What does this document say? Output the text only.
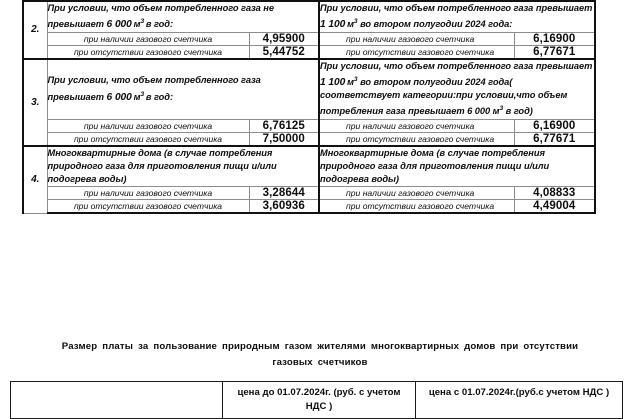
2.	При условии, что объем потребленного газа не превышает 6 000 $м^3$ в год:		При условии, что объем потребленного газа превышает 1 100 $м^3$ во втором полугодии 2024 года:	
	при наличии газового счетчика	4,95900	при наличии газового счетчика	6,16900
	при отсутствии газового счетчика	5,44752	при отсутствии газового счетчика	6,77671
3.	При условии, что объем потребленного газа превышает 6 000 $м^3$ в год:		При условии, что объем потребленного газа превышает 1 100 $м^3$ во втором полугодии 2024 года( соответствует категории:при условии,что объем потребления газа превышает 6 000 $м^3$ в год)	
	при наличии газового счетчика	6,76125	при наличии газового счетчика	6,16900
	при отсутствии газового счетчика	7,50000	при отсутствии газового счетчика	6,77671
4.	Многоквартирные дома (в случае потребления природного газа для приготовления пищи и/или подогрева воды)		Многоквартирные дома (в случае потребления природного газа для приготовления пищи и/или подогрева воды)	
	при наличии газового счетчика	3,28644	при наличии газового счетчика	4,08833
	при отсутствии газового счетчика	3,60936	при отсутствии газового счетчика	4,49004
Размер платы за пользование природным газом жителями многоквартирных домов при отсутствии
газовых счетчиков
	цена до 01.07.2024г. (руб. с учетом НДС )	цена с 01.07.2024г.(руб.с учетом НДС )
